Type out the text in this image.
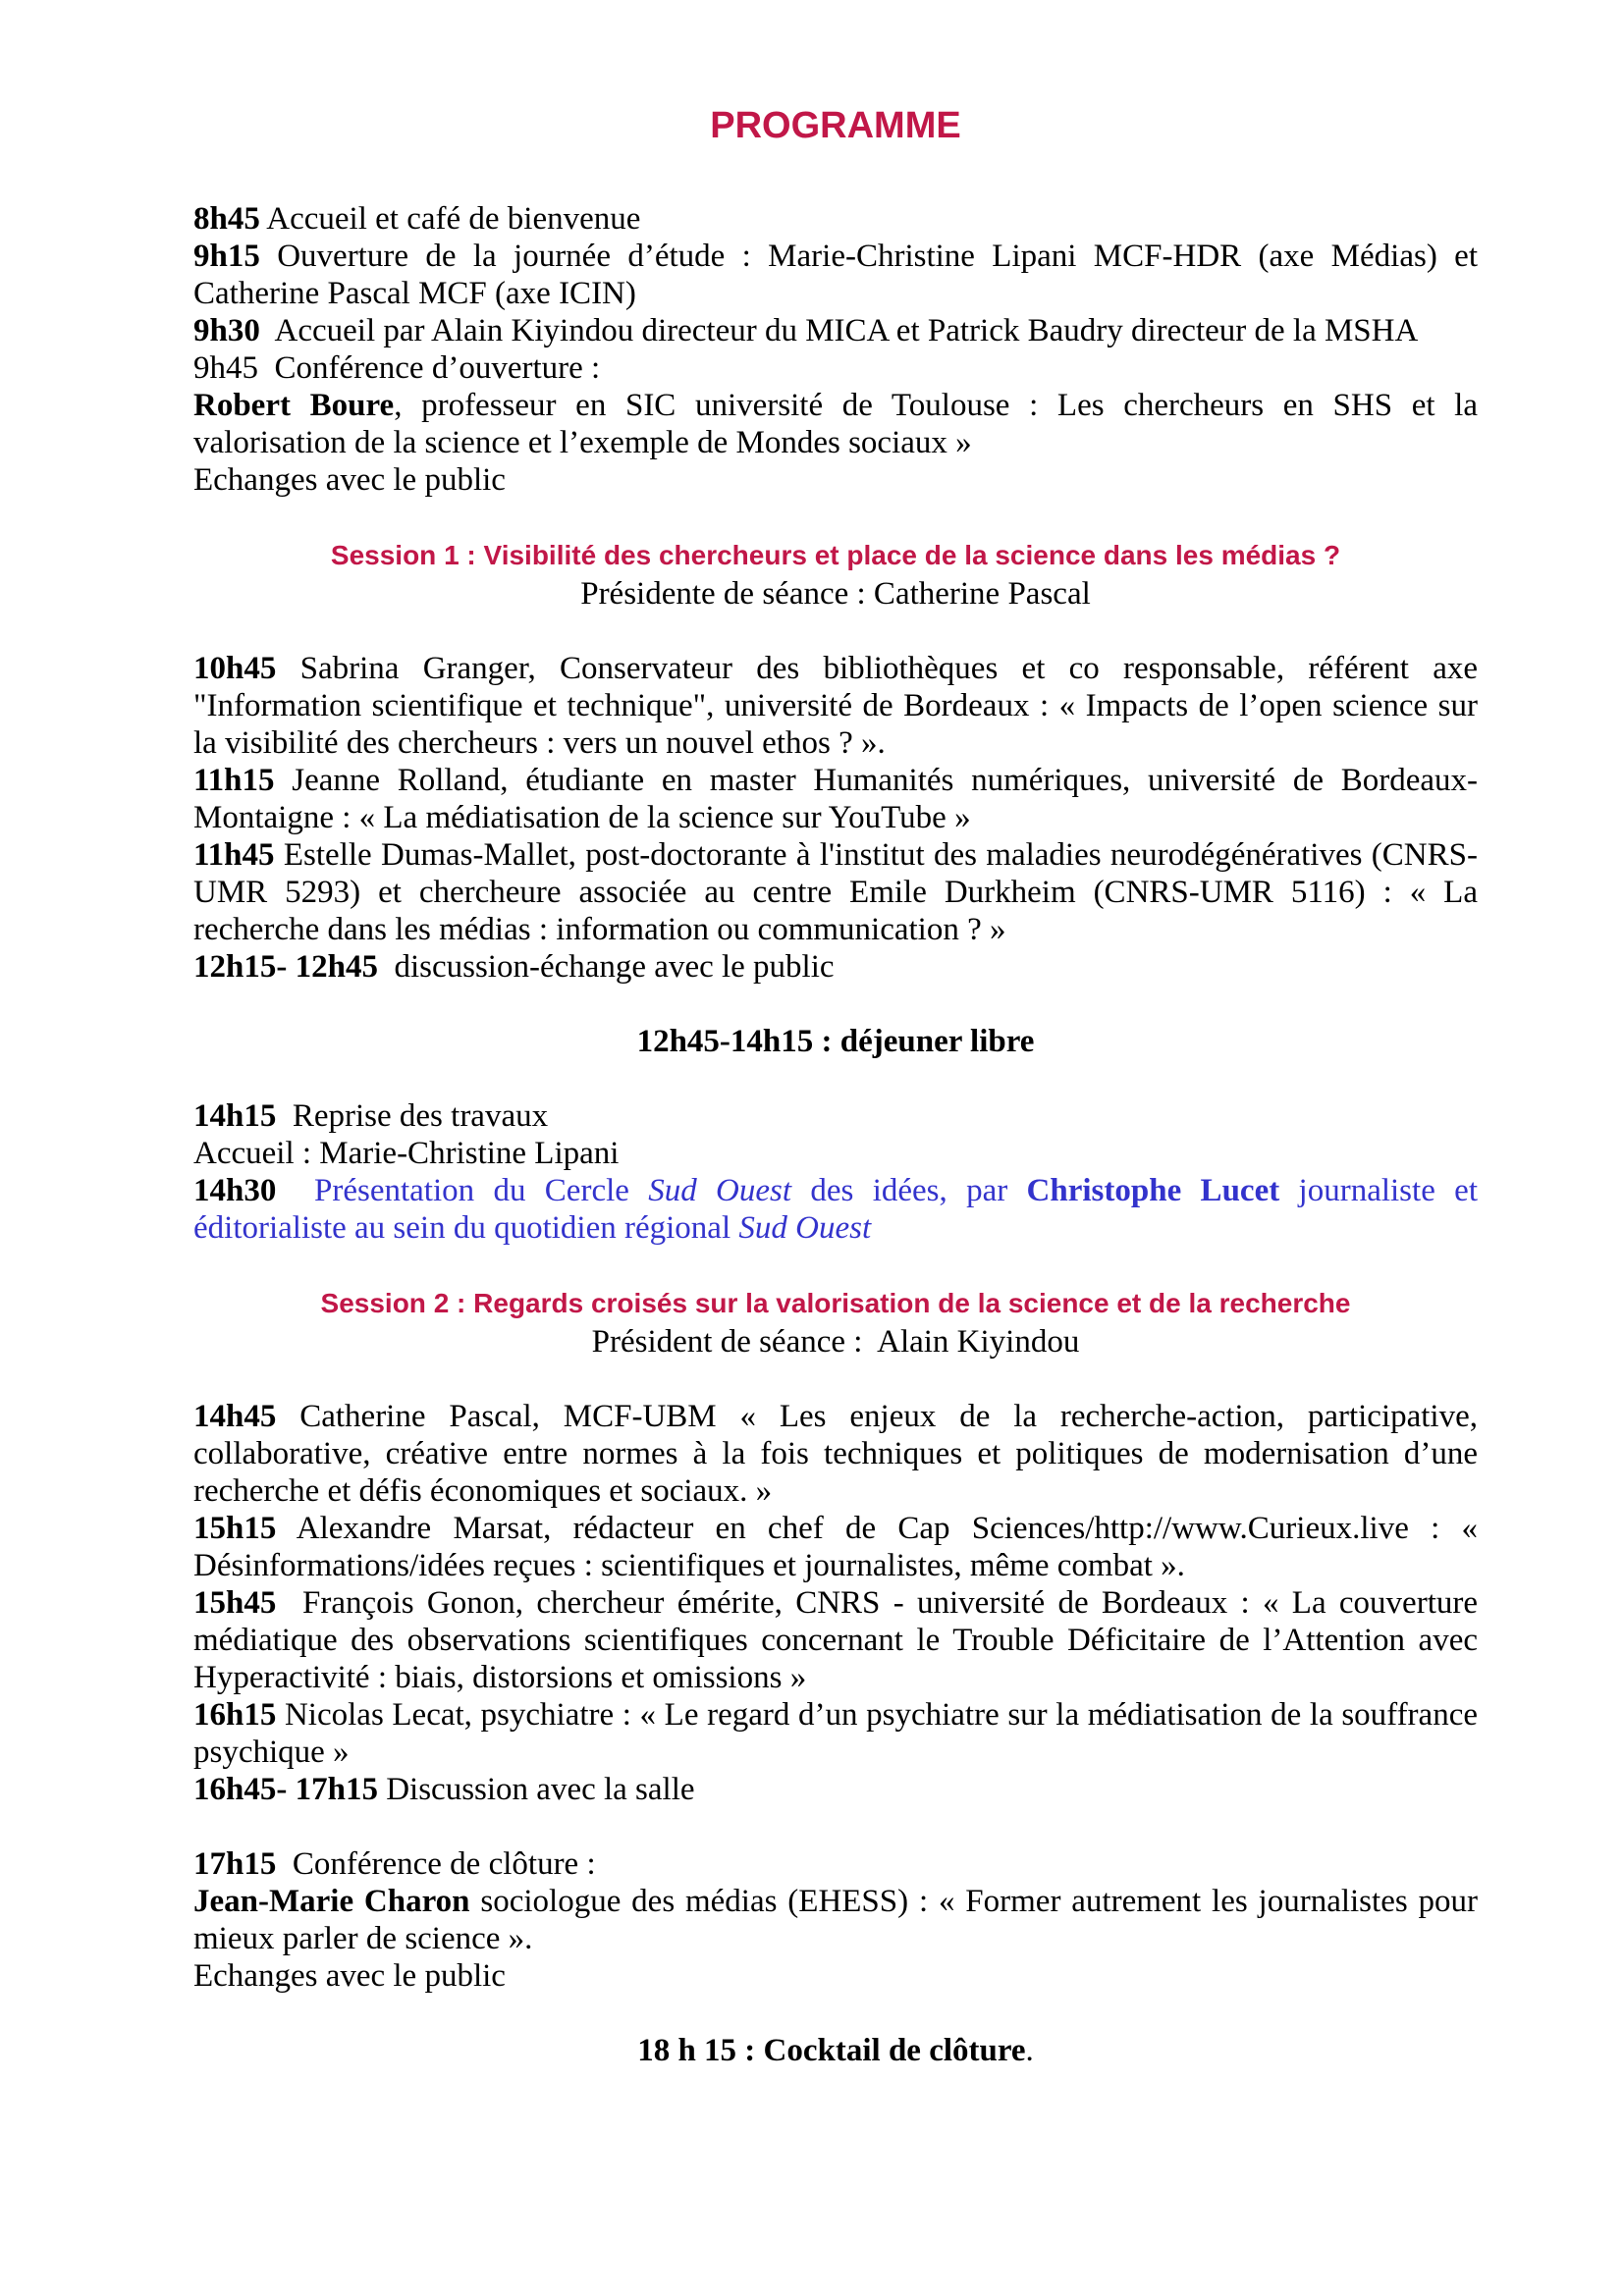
PROGRAMME

8h45 Accueil et café de bienvenue

9h15 Ouverture de la journée d’étude : Marie-Christine Lipani MCF-HDR (axe Médias) et Catherine Pascal MCF (axe ICIN)

9h30  Accueil par Alain Kiyindou directeur du MICA et Patrick Baudry directeur de la MSHA

9h45  Conférence d’ouverture :

Robert Boure, professeur en SIC université de Toulouse : Les chercheurs en SHS et la valorisation de la science et l’exemple de Mondes sociaux »

Echanges avec le public

Session 1 : Visibilité des chercheurs et place de la science dans les médias ?

Présidente de séance : Catherine Pascal

10h45 Sabrina Granger, Conservateur des bibliothèques et co responsable, référent axe "Information scientifique et technique", université de Bordeaux : « Impacts de l’open science sur la visibilité des chercheurs : vers un nouvel ethos ? ».

11h15 Jeanne Rolland, étudiante en master Humanités numériques, université de Bordeaux-Montaigne : « La médiatisation de la science sur YouTube »

11h45 Estelle Dumas-Mallet, post-doctorante à l'institut des maladies neurodégénératives (CNRS-UMR 5293) et chercheure associée au centre Emile Durkheim (CNRS-UMR 5116) : « La recherche dans les médias : information ou communication ? »

12h15- 12h45  discussion-échange avec le public

12h45-14h15 : déjeuner libre

14h15  Reprise des travaux

Accueil : Marie-Christine Lipani

14h30 Présentation du Cercle Sud Ouest des idées, par Christophe Lucet journaliste et éditorialiste au sein du quotidien régional Sud Ouest

Session 2 : Regards croisés sur la valorisation de la science et de la recherche

Président de séance :  Alain Kiyindou

14h45 Catherine Pascal, MCF-UBM « Les enjeux de la recherche-action, participative, collaborative, créative entre normes à la fois techniques et politiques de modernisation d’une recherche et défis économiques et sociaux. »

15h15 Alexandre Marsat, rédacteur en chef de Cap Sciences/http://www.Curieux.live : « Désinformations/idées reçues : scientifiques et journalistes, même combat ».

15h45  François Gonon, chercheur émérite, CNRS - université de Bordeaux : « La couverture médiatique des observations scientifiques concernant le Trouble Déficitaire de l’Attention avec Hyperactivité : biais, distorsions et omissions »

16h15 Nicolas Lecat, psychiatre : « Le regard d’un psychiatre sur la médiatisation de la souffrance psychique »

16h45- 17h15 Discussion avec la salle

17h15  Conférence de clôture :

Jean-Marie Charon sociologue des médias (EHESS) : « Former autrement les journalistes pour mieux parler de science ».

Echanges avec le public

18 h 15 : Cocktail de clôture.
